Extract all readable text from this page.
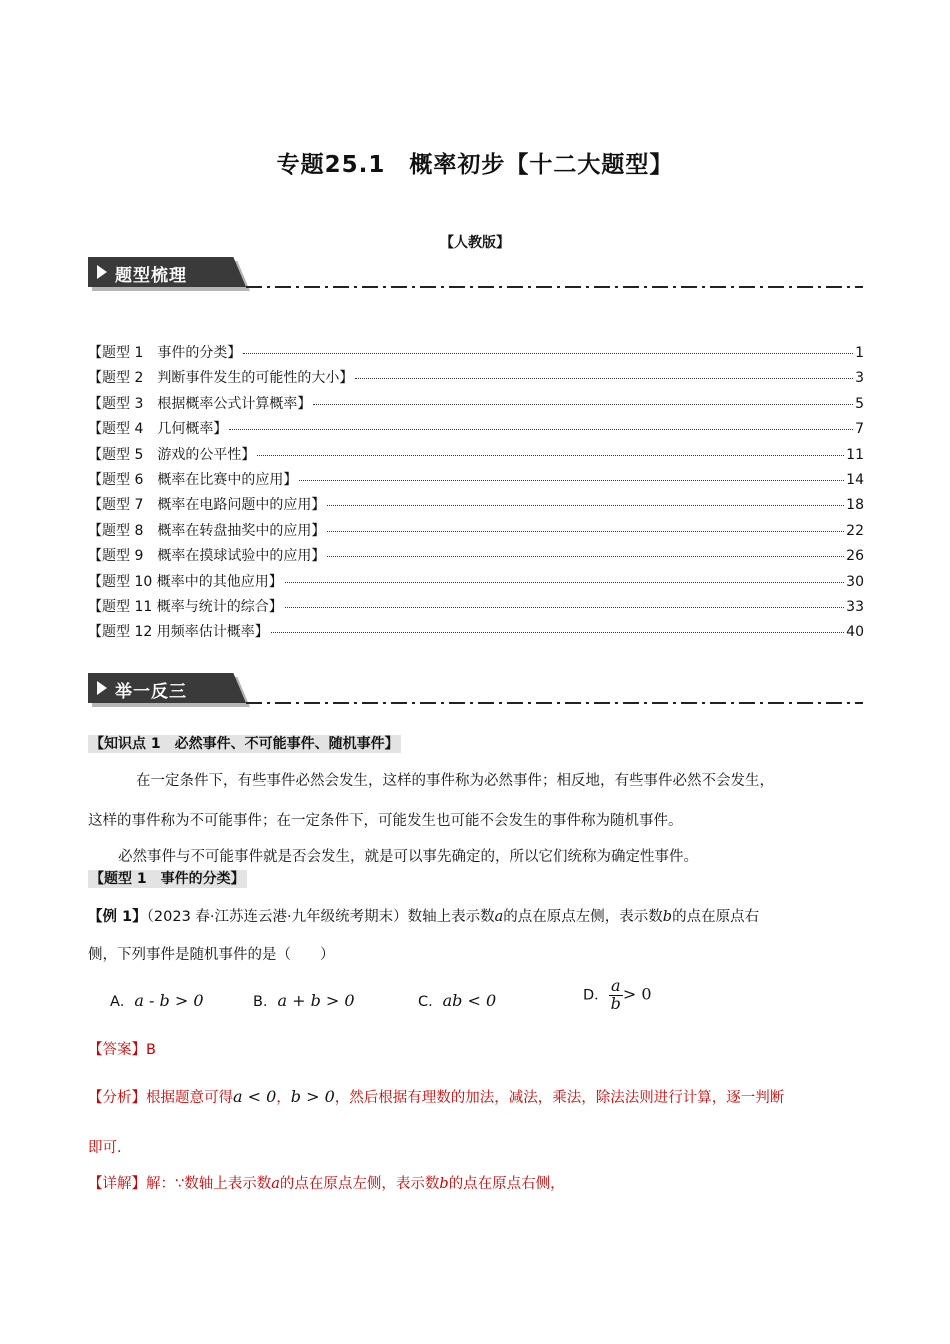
专题25.1　概率初步【十二大题型】
【人教版】
题型梳理
【题型 1　事件的分类】	1
【题型 2　判断事件发生的可能性的大小】	3
【题型 3　根据概率公式计算概率】	5
【题型 4　几何概率】	7
【题型 5　游戏的公平性】	11
【题型 6　概率在比赛中的应用】	14
【题型 7　概率在电路问题中的应用】	18
【题型 8　概率在转盘抽奖中的应用】	22
【题型 9　概率在摸球试验中的应用】	26
【题型 10 概率中的其他应用】	30
【题型 11 概率与统计的综合】	33
【题型 12 用频率估计概率】	40
举一反三
【知识点 1　必然事件、不可能事件、随机事件】
在一定条件下，有些事件必然会发生，这样的事件称为必然事件；相反地，有些事件必然不会发生，
这样的事件称为不可能事件；在一定条件下，可能发生也可能不会发生的事件称为随机事件。
必然事件与不可能事件就是否会发生，就是可以事先确定的，所以它们统称为确定性事件。
【题型 1　事件的分类】
【例 1】（2023 春·江苏连云港·九年级统考期末）数轴上表示数a的点在原点左侧，表示数b的点在原点右
侧，下列事件是随机事件的是（　　）
A．a - b > 0	B．a + b > 0	C．ab < 0	D． $\frac{a}{b} > 0$
【答案】B
【分析】根据题意可得a < 0，b > 0，然后根据有理数的加法，减法，乘法，除法法则进行计算，逐一判断
即可.
【详解】解：∵数轴上表示数a的点在原点左侧，表示数b的点在原点右侧，
